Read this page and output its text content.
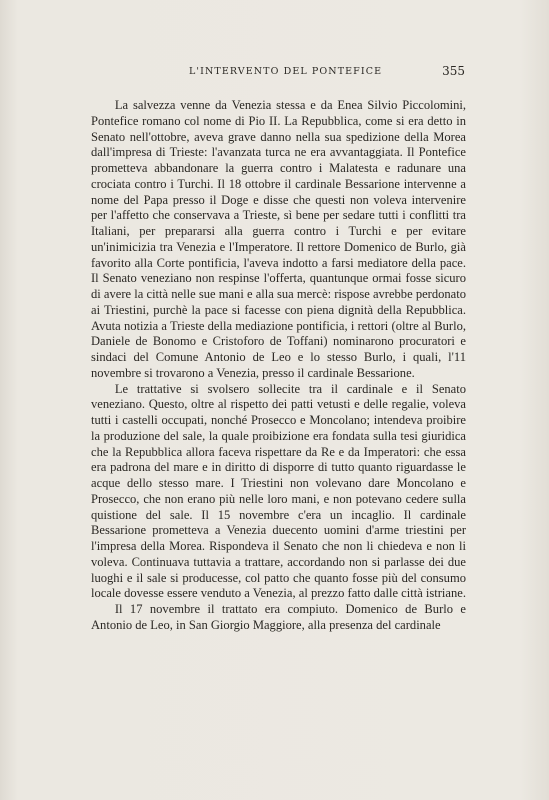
L'INTERVENTO DEL PONTEFICE	355

La salvezza venne da Venezia stessa e da Enea Silvio Piccolomini, Pontefice romano col nome di Pio II. La Repubblica, come si era detto in Senato nell'ottobre, aveva grave danno nella sua spedizione della Morea dall'impresa di Trieste: l'avanzata turca ne era avvantaggiata. Il Pontefice prometteva abbandonare la guerra contro i Malatesta e radunare una crociata contro i Turchi. Il 18 ottobre il cardinale Bessarione intervenne a nome del Papa presso il Doge e disse che questi non voleva intervenire per l'affetto che conservava a Trieste, sì bene per sedare tutti i conflitti tra Italiani, per prepararsi alla guerra contro i Turchi e per evitare un'inimicizia tra Venezia e l'Imperatore. Il rettore Domenico de Burlo, già favorito alla Corte pontificia, l'aveva indotto a farsi mediatore della pace. Il Senato veneziano non respinse l'offerta, quantunque ormai fosse sicuro di avere la città nelle sue mani e alla sua mercè: rispose avrebbe perdonato ai Triestini, purchè la pace si facesse con piena dignità della Repubblica. Avuta notizia a Trieste della mediazione pontificia, i rettori (oltre al Burlo, Daniele de Bonomo e Cristoforo de Toffani) nominarono procuratori e sindaci del Comune Antonio de Leo e lo stesso Burlo, i quali, l'11 novembre si trovarono a Venezia, presso il cardinale Bessarione.

Le trattative si svolsero sollecite tra il cardinale e il Senato veneziano. Questo, oltre al rispetto dei patti vetusti e delle regalie, voleva tutti i castelli occupati, nonché Prosecco e Moncolano; intendeva proibire la produzione del sale, la quale proibizione era fondata sulla tesi giuridica che la Repubblica allora faceva rispettare da Re e da Imperatori: che essa era padrona del mare e in diritto di disporre di tutto quanto riguardasse le acque dello stesso mare. I Triestini non volevano dare Moncolano e Prosecco, che non erano più nelle loro mani, e non potevano cedere sulla quistione del sale. Il 15 novembre c'era un incaglio. Il cardinale Bessarione prometteva a Venezia duecento uomini d'arme triestini per l'impresa della Morea. Rispondeva il Senato che non li chiedeva e non li voleva. Continuava tuttavia a trattare, accordando non si parlasse dei due luoghi e il sale si producesse, col patto che quanto fosse più del consumo locale dovesse essere venduto a Venezia, al prezzo fatto dalle città istriane.

Il 17 novembre il trattato era compiuto. Domenico de Burlo e Antonio de Leo, in San Giorgio Maggiore, alla presenza del cardinale
